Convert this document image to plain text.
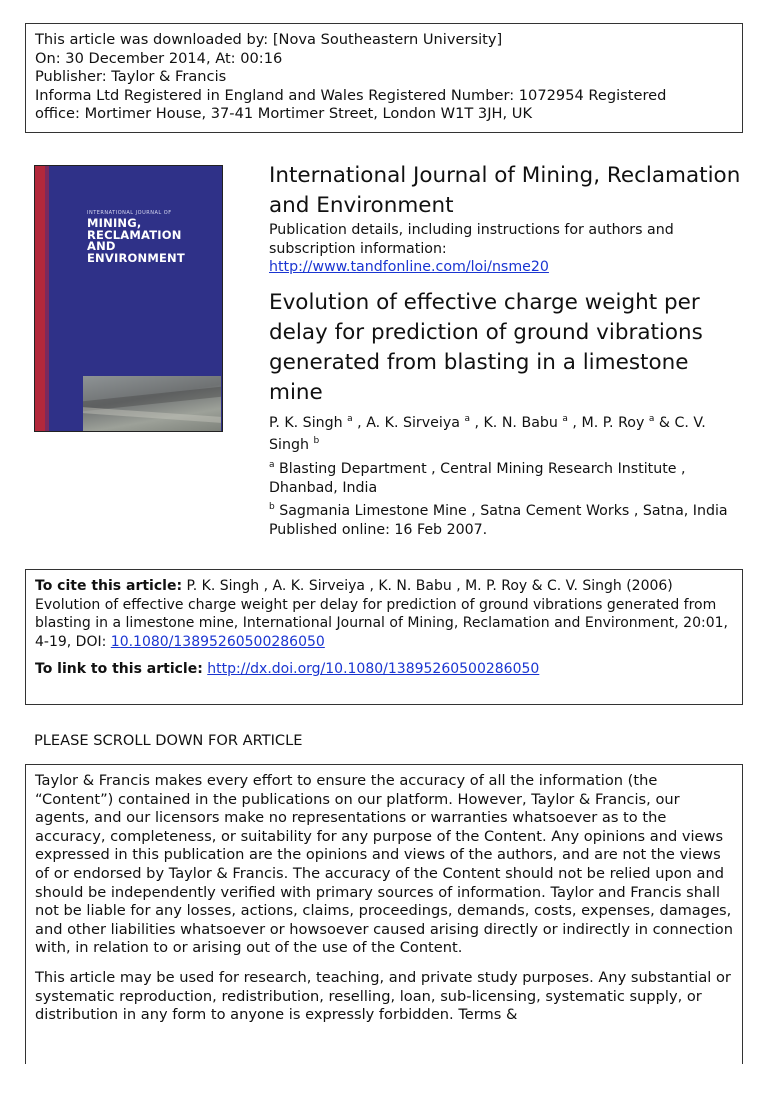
This article was downloaded by: [Nova Southeastern University]
On: 30 December 2014, At: 00:16
Publisher: Taylor & Francis
Informa Ltd Registered in England and Wales Registered Number: 1072954 Registered
office: Mortimer House, 37-41 Mortimer Street, London W1T 3JH, UK
INTERNATIONAL JOURNAL OF
MINING,
RECLAMATION
AND
ENVIRONMENT
International Journal of Mining, Reclamation and Environment
Publication details, including instructions for authors and subscription information:
http://www.tandfonline.com/loi/nsme20
Evolution of effective charge weight per delay for prediction of ground vibrations generated from blasting in a limestone mine
P. K. Singh $^a$ , A. K. Sirveiya $^a$ , K. N. Babu $^a$ , M. P. Roy $^a$ & C. V. Singh $^b$
$^a$ Blasting Department , Central Mining Research Institute , Dhanbad, India
$^b$ Sagmania Limestone Mine , Satna Cement Works , Satna, India
Published online: 16 Feb 2007.

To cite this article: P. K. Singh , A. K. Sirveiya , K. N. Babu , M. P. Roy & C. V. Singh (2006) Evolution of effective charge weight per delay for prediction of ground vibrations generated from blasting in a limestone mine, International Journal of Mining, Reclamation and Environment, 20:01, 4-19, DOI: 10.1080/13895260500286050

To link to this article: http://dx.doi.org/10.1080/13895260500286050

PLEASE SCROLL DOWN FOR ARTICLE

Taylor & Francis makes every effort to ensure the accuracy of all the information (the “Content”) contained in the publications on our platform. However, Taylor & Francis, our agents, and our licensors make no representations or warranties whatsoever as to the accuracy, completeness, or suitability for any purpose of the Content. Any opinions and views expressed in this publication are the opinions and views of the authors, and are not the views of or endorsed by Taylor & Francis. The accuracy of the Content should not be relied upon and should be independently verified with primary sources of information. Taylor and Francis shall not be liable for any losses, actions, claims, proceedings, demands, costs, expenses, damages, and other liabilities whatsoever or howsoever caused arising directly or indirectly in connection with, in relation to or arising out of the use of the Content.

This article may be used for research, teaching, and private study purposes. Any substantial or systematic reproduction, redistribution, reselling, loan, sub-licensing, systematic supply, or distribution in any form to anyone is expressly forbidden. Terms &
